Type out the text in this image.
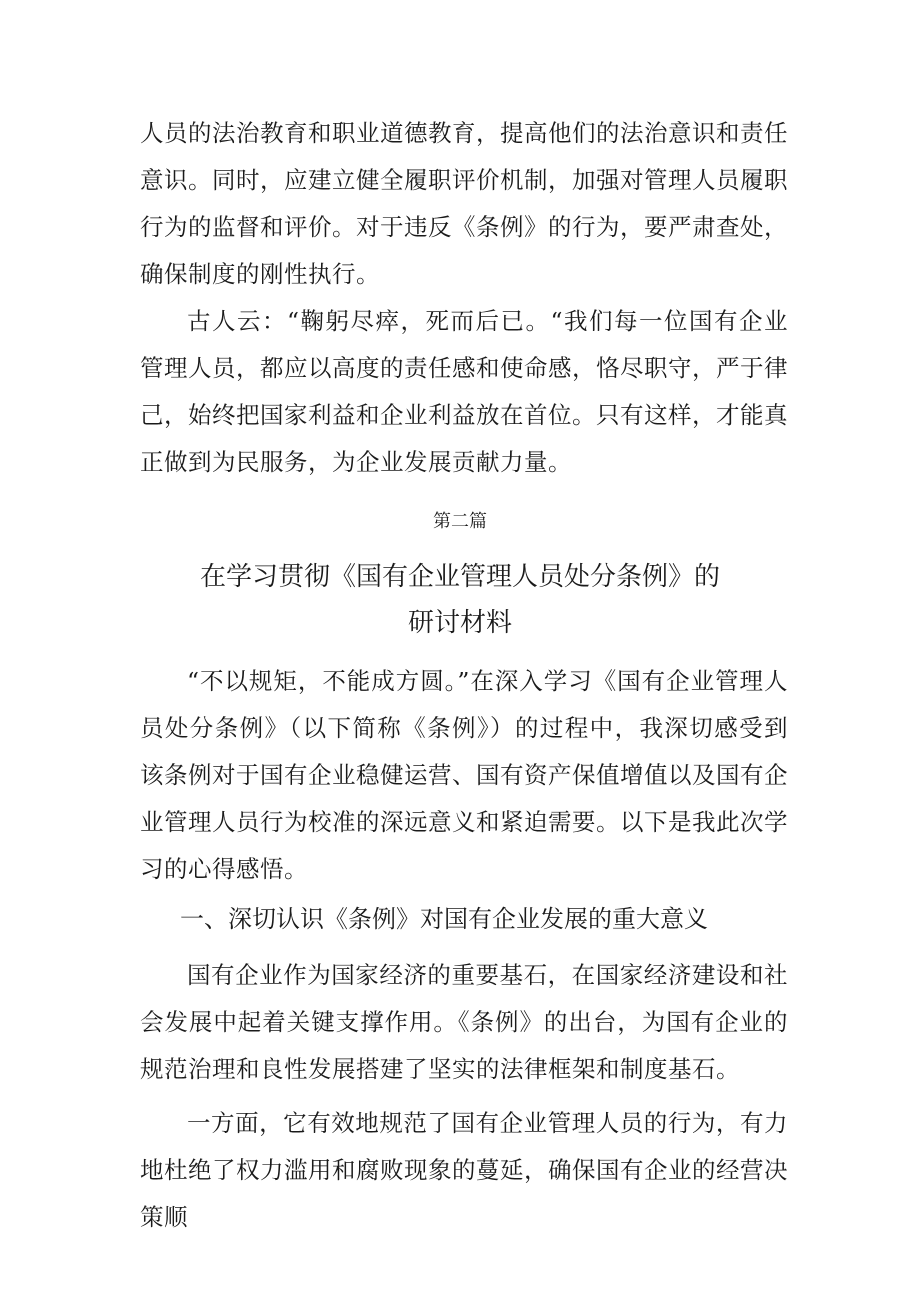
人员的法治教育和职业道德教育，提高他们的法治意识和责任意识。同时，应建立健全履职评价机制，加强对管理人员履职行为的监督和评价。对于违反《条例》的行为，要严肃查处，确保制度的刚性执行。

古人云：“鞠躬尽瘁，死而后已。“我们每一位国有企业管理人员，都应以高度的责任感和使命感，恪尽职守，严于律己，始终把国家利益和企业利益放在首位。只有这样，才能真正做到为民服务，为企业发展贡献力量。

第二篇

在学习贯彻《国有企业管理人员处分条例》的
研讨材料

“不以规矩，不能成方圆。”在深入学习《国有企业管理人员处分条例》（以下简称《条例》）的过程中，我深切感受到该条例对于国有企业稳健运营、国有资产保值增值以及国有企业管理人员行为校准的深远意义和紧迫需要。以下是我此次学习的心得感悟。

一、深切认识《条例》对国有企业发展的重大意义

国有企业作为国家经济的重要基石，在国家经济建设和社会发展中起着关键支撑作用。《条例》的出台，为国有企业的规范治理和良性发展搭建了坚实的法律框架和制度基石。

一方面，它有效地规范了国有企业管理人员的行为，有力地杜绝了权力滥用和腐败现象的蔓延，确保国有企业的经营决策顺
